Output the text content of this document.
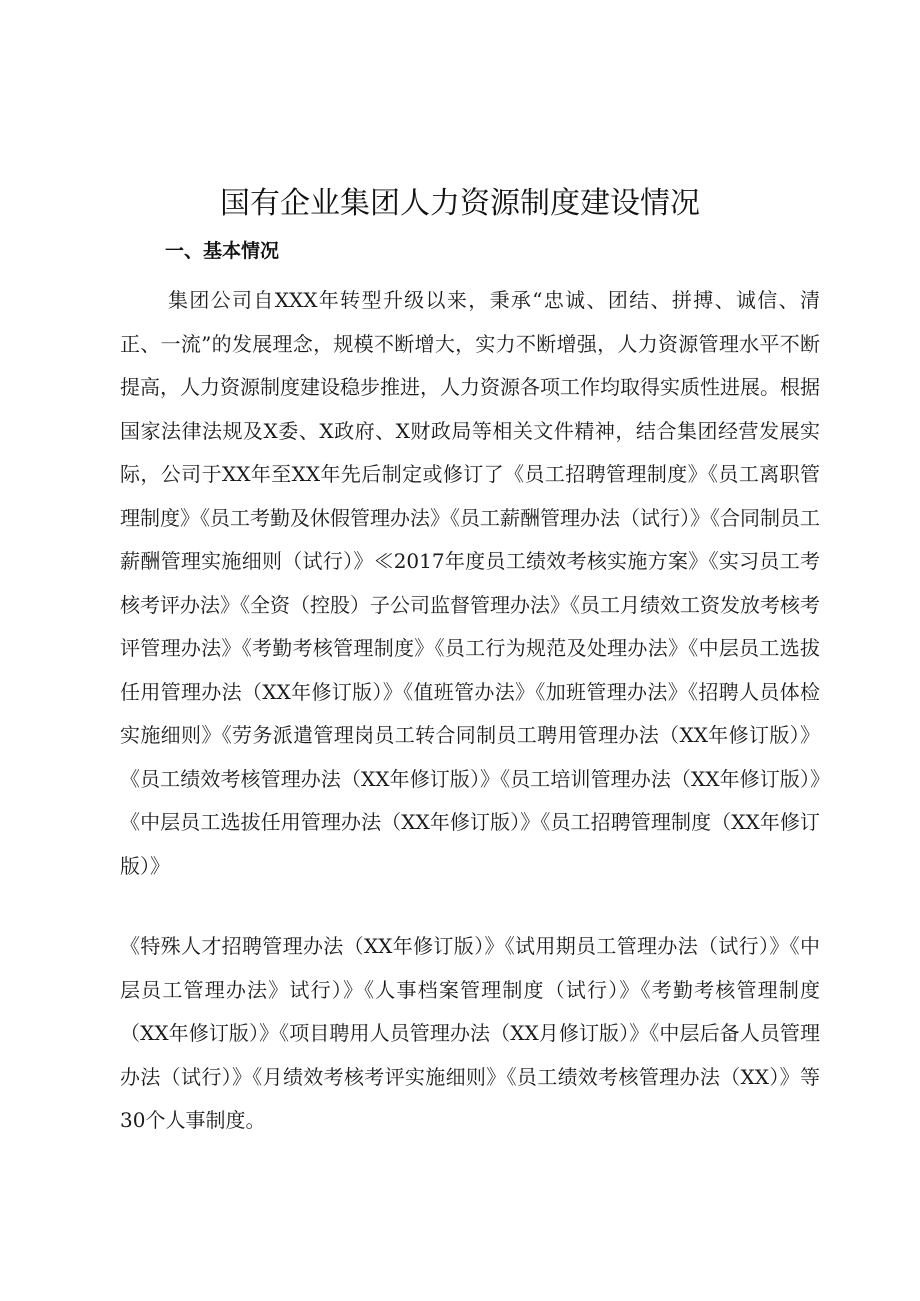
国有企业集团人力资源制度建设情况
一、基本情况

集团公司自XXX年转型升级以来，秉承“忠诚、团结、拼搏、诚信、清正、一流”的发展理念，规模不断增大，实力不断增强，人力资源管理水平不断提高，人力资源制度建设稳步推进，人力资源各项工作均取得实质性进展。根据国家法律法规及X委、X政府、X财政局等相关文件精神，结合集团经营发展实际，公司于XX年至XX年先后制定或修订了《员工招聘管理制度》《员工离职管理制度》《员工考勤及休假管理办法》《员工薪酬管理办法（试行）》《合同制员工薪酬管理实施细则（试行）》≪2017年度员工绩效考核实施方案》《实习员工考核考评办法》《全资（控股）子公司监督管理办法》《员工月绩效工资发放考核考评管理办法》《考勤考核管理制度》《员工行为规范及处理办法》《中层员工选拔任用管理办法（XX年修订版）》《值班管办法》《加班管理办法》《招聘人员体检实施细则》《劳务派遣管理岗员工转合同制员工聘用管理办法（XX年修订版）》《员工绩效考核管理办法（XX年修订版）》《员工培训管理办法（XX年修订版）》《中层员工选拔任用管理办法（XX年修订版）》《员工招聘管理制度（XX年修订版）》

《特殊人才招聘管理办法（XX年修订版）》《试用期员工管理办法（试行）》《中层员工管理办法》试行）》《人事档案管理制度（试行）》《考勤考核管理制度（XX年修订版）》《项目聘用人员管理办法（XX月修订版）》《中层后备人员管理办法（试行）》《月绩效考核考评实施细则》《员工绩效考核管理办法（XX）》等30个人事制度。
